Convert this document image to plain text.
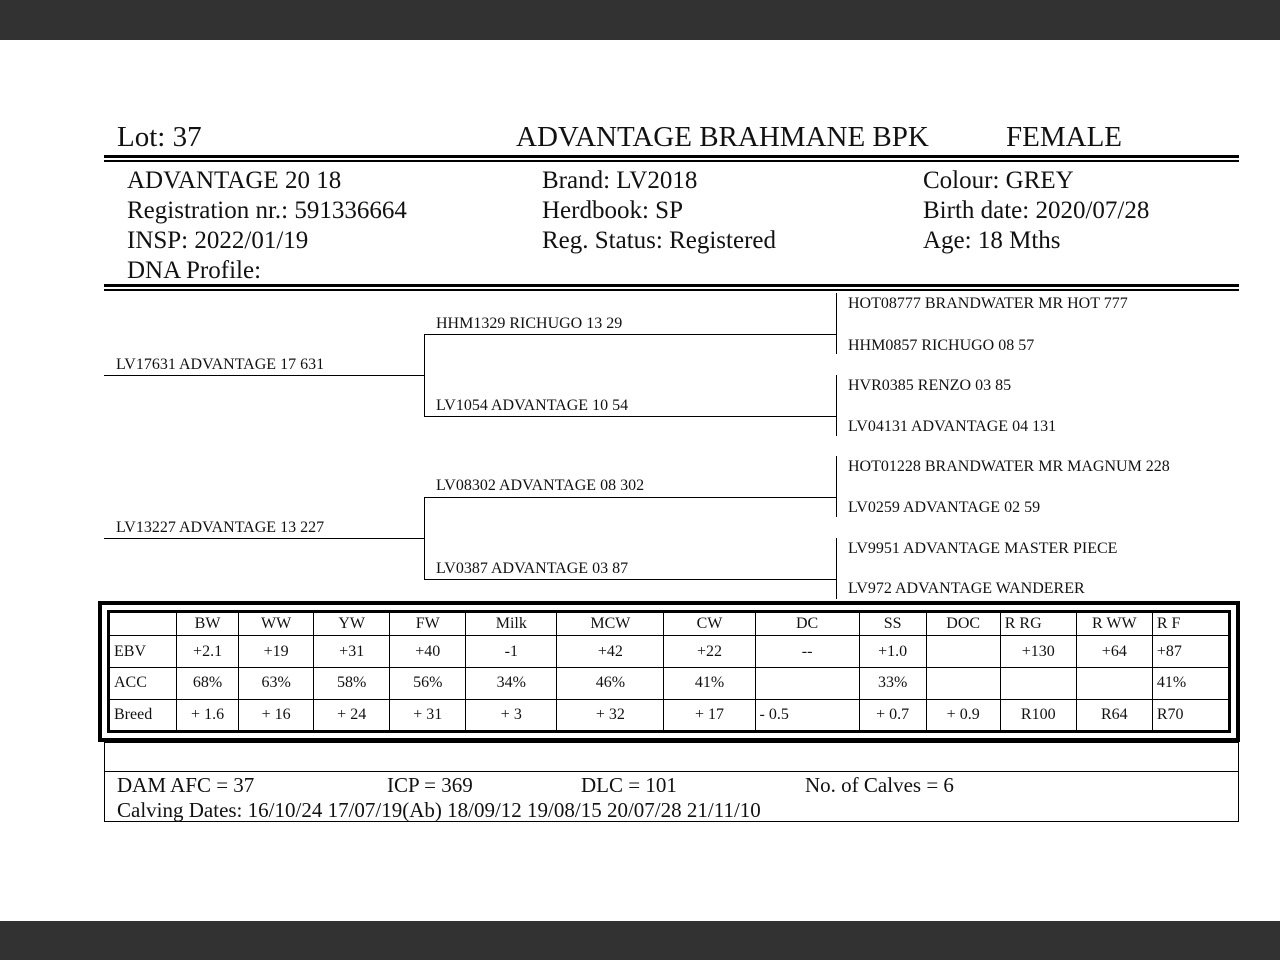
Lot: 37	ADVANTAGE BRAHMANE BPK	FEMALE
ADVANTAGE 20 18
Registration nr.: 591336664
INSP: 2022/01/19
DNA Profile:
Brand: LV2018
Herdbook: SP
Reg. Status: Registered
Colour: GREY
Birth date: 2020/07/28
Age: 18 Mths
LV17631 ADVANTAGE 17 631
LV13227 ADVANTAGE 13 227
HHM1329 RICHUGO 13 29
LV1054 ADVANTAGE 10 54
LV08302 ADVANTAGE 08 302
LV0387 ADVANTAGE 03 87
HOT08777 BRANDWATER MR HOT 777
HHM0857 RICHUGO 08 57
HVR0385 RENZO 03 85
LV04131 ADVANTAGE 04 131
HOT01228 BRANDWATER MR MAGNUM 228
LV0259 ADVANTAGE 02 59
LV9951 ADVANTAGE MASTER PIECE
LV972 ADVANTAGE WANDERER
	BW	WW	YW	FW	Milk	MCW	CW	DC	SS	DOC	R RG	R WW	R F
EBV	+2.1	+19	+31	+40	-1	+42	+22	--	+1.0		+130	+64	+87
ACC	68%	63%	58%	56%	34%	46%	41%		33%				41%
Breed	+ 1.6	+ 16	+ 24	+ 31	+ 3	+ 32	+ 17	- 0.5	+ 0.7	+ 0.9	R100	R64	R70
DAM AFC = 37	ICP = 369	DLC = 101	No. of Calves = 6
Calving Dates: 16/10/24 17/07/19(Ab) 18/09/12 19/08/15 20/07/28 21/11/10
